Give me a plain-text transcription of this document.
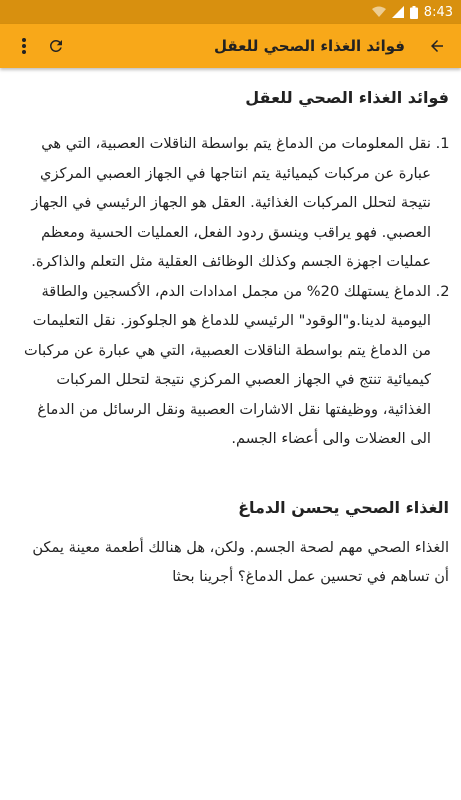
8:43
فوائد الغذاء الصحي للعقل
فوائد الغذاء الصحي للعقل
1. نقل المعلومات من الدماغ يتم بواسطة الناقلات العصبية، التي هي عبارة عن مركبات كيميائية يتم انتاجها في الجهاز العصبي المركزي نتيجة لتحلل المركبات الغذائية. العقل هو الجهاز الرئيسي في الجهاز العصبي. فهو يراقب وينسق ردود الفعل، العمليات الحسية ومعظم عمليات اجهزة الجسم وكذلك الوظائف العقلية مثل التعلم والذاكرة.
2. الدماغ يستهلك 20% من مجمل امدادات الدم، الأكسجين والطاقة اليومية لدينا.و"الوقود" الرئيسي للدماغ هو الجلوكوز. نقل التعليمات من الدماغ يتم بواسطة الناقلات العصبية، التي هي عبارة عن مركبات كيميائية تنتج في الجهاز العصبي المركزي نتيجة لتحلل المركبات الغذائية، ووظيفتها نقل الاشارات العصبية ونقل الرسائل من الدماغ الى العضلات والى أعضاء الجسم.
الغذاء الصحي يحسن الدماغ

الغذاء الصحي مهم لصحة الجسم. ولكن، هل هنالك أطعمة معينة يمكن أن تساهم في تحسين عمل الدماغ؟ أجرينا بحثا
